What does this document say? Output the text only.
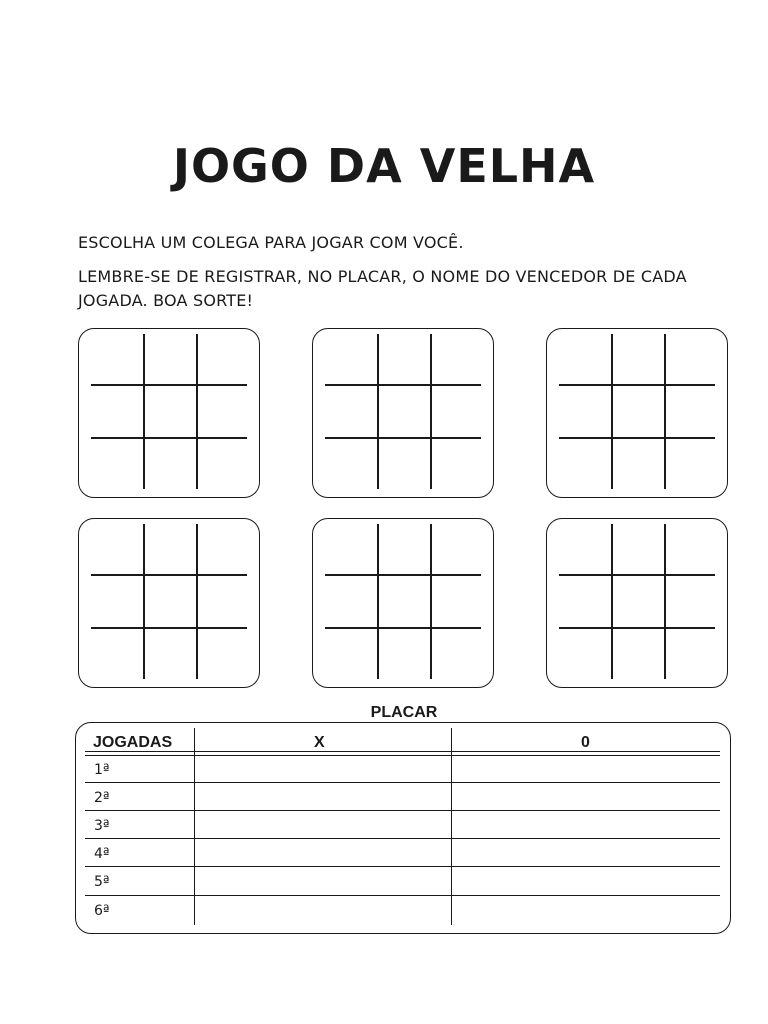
JOGO DA VELHA
ESCOLHA UM COLEGA PARA JOGAR COM VOCÊ.
LEMBRE-SE DE REGISTRAR, NO PLACAR, O NOME DO VENCEDOR DE CADA JOGADA. BOA SORTE!
PLACAR
JOGADAS	X	0
1ª
2ª
3ª
4ª
5ª
6ª
